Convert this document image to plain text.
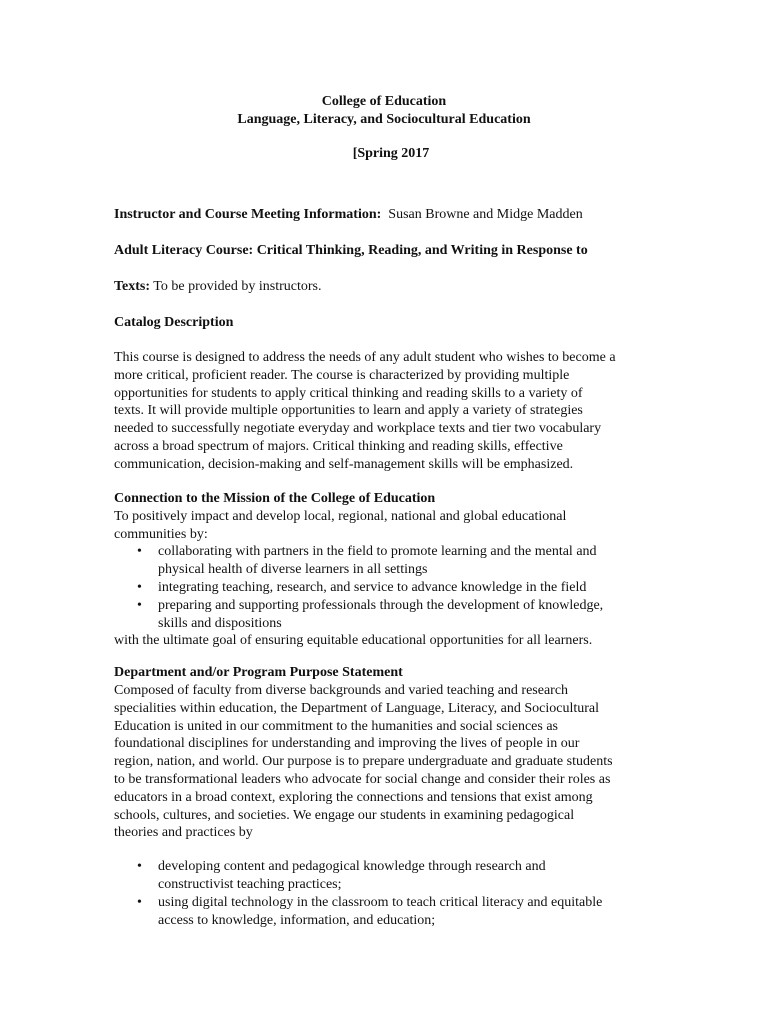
College of Education
Language, Literacy, and Sociocultural Education
[Spring 2017
Instructor and Course Meeting Information: Susan Browne and Midge Madden
Adult Literacy Course: Critical Thinking, Reading, and Writing in Response to
Texts: To be provided by instructors.
Catalog Description
This course is designed to address the needs of any adult student who wishes to become a
more critical, proficient reader. The course is characterized by providing multiple
opportunities for students to apply critical thinking and reading skills to a variety of
texts. It will provide multiple opportunities to learn and apply a variety of strategies
needed to successfully negotiate everyday and workplace texts and tier two vocabulary
across a broad spectrum of majors. Critical thinking and reading skills, effective
communication, decision-making and self-management skills will be emphasized.
Connection to the Mission of the College of Education
To positively impact and develop local, regional, national and global educational
communities by:
•	collaborating with partners in the field to promote learning and the mental and
physical health of diverse learners in all settings
•	integrating teaching, research, and service to advance knowledge in the field
•	preparing and supporting professionals through the development of knowledge,
skills and dispositions
with the ultimate goal of ensuring equitable educational opportunities for all learners.
Department and/or Program Purpose Statement
Composed of faculty from diverse backgrounds and varied teaching and research
specialities within education, the Department of Language, Literacy, and Sociocultural
Education is united in our commitment to the humanities and social sciences as
foundational disciplines for understanding and improving the lives of people in our
region, nation, and world. Our purpose is to prepare undergraduate and graduate students
to be transformational leaders who advocate for social change and consider their roles as
educators in a broad context, exploring the connections and tensions that exist among
schools, cultures, and societies. We engage our students in examining pedagogical
theories and practices by
•	developing content and pedagogical knowledge through research and
constructivist teaching practices;
•	using digital technology in the classroom to teach critical literacy and equitable
access to knowledge, information, and education;
